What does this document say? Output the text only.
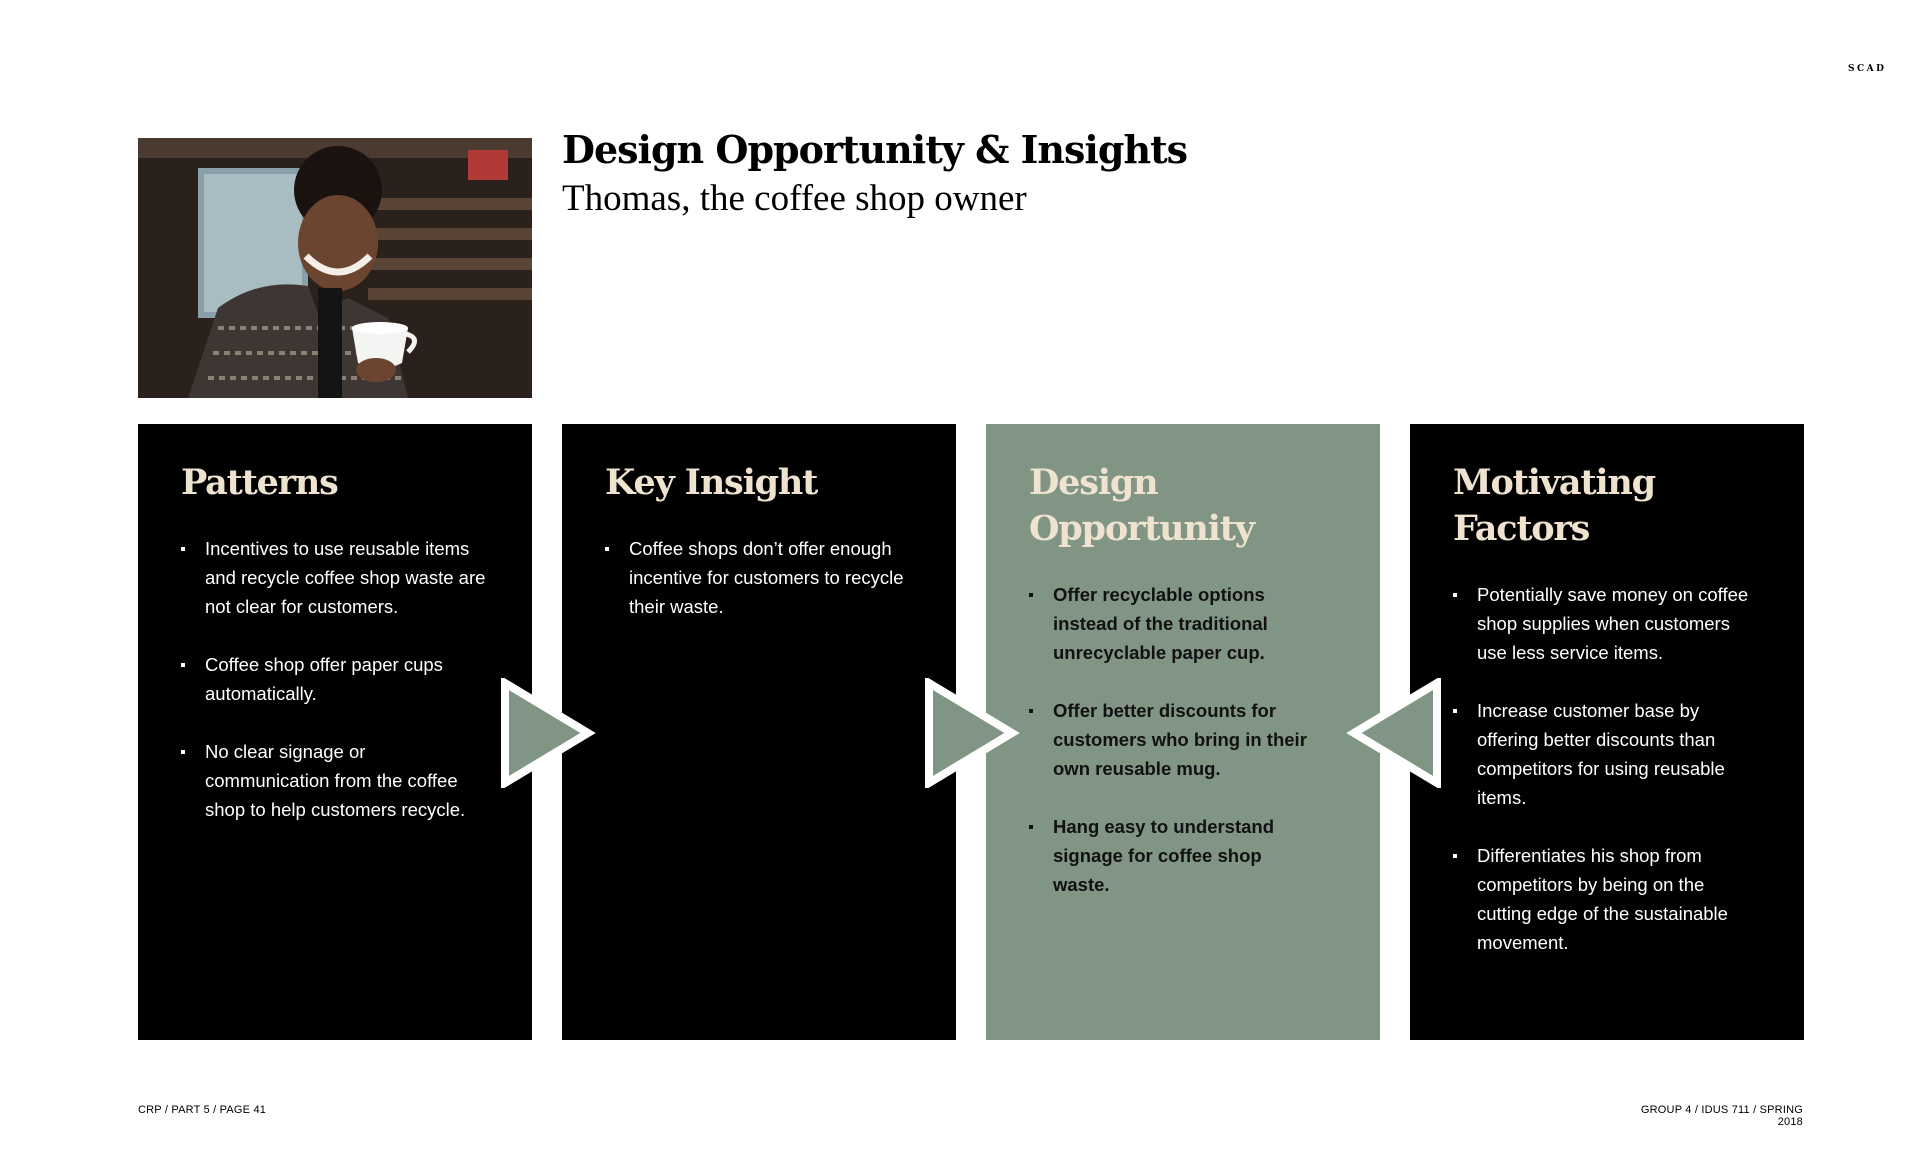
SCAD
Design Opportunity & Insights
Thomas, the coffee shop owner
Patterns
Incentives to use reusable items and recycle coffee shop waste are not clear for customers.
Coffee shop offer paper cups automatically.
No clear signage or communication from the coffee shop to help customers recycle.
Key Insight
Coffee shops don’t offer enough incentive for customers to recycle their waste.
Design Opportunity
Offer recyclable options instead of the traditional unrecyclable paper cup.
Offer better discounts for customers who bring in their own reusable mug.
Hang easy to understand signage for coffee shop waste.
Motivating Factors
Potentially save money on coffee shop supplies when customers use less service items.
Increase customer base by offering better discounts than competitors for using reusable items.
Differentiates his shop from competitors by being on the cutting edge of the sustainable movement.
CRP / PART 5 / PAGE 41	GROUP 4 / IDUS 711 / SPRING 2018
